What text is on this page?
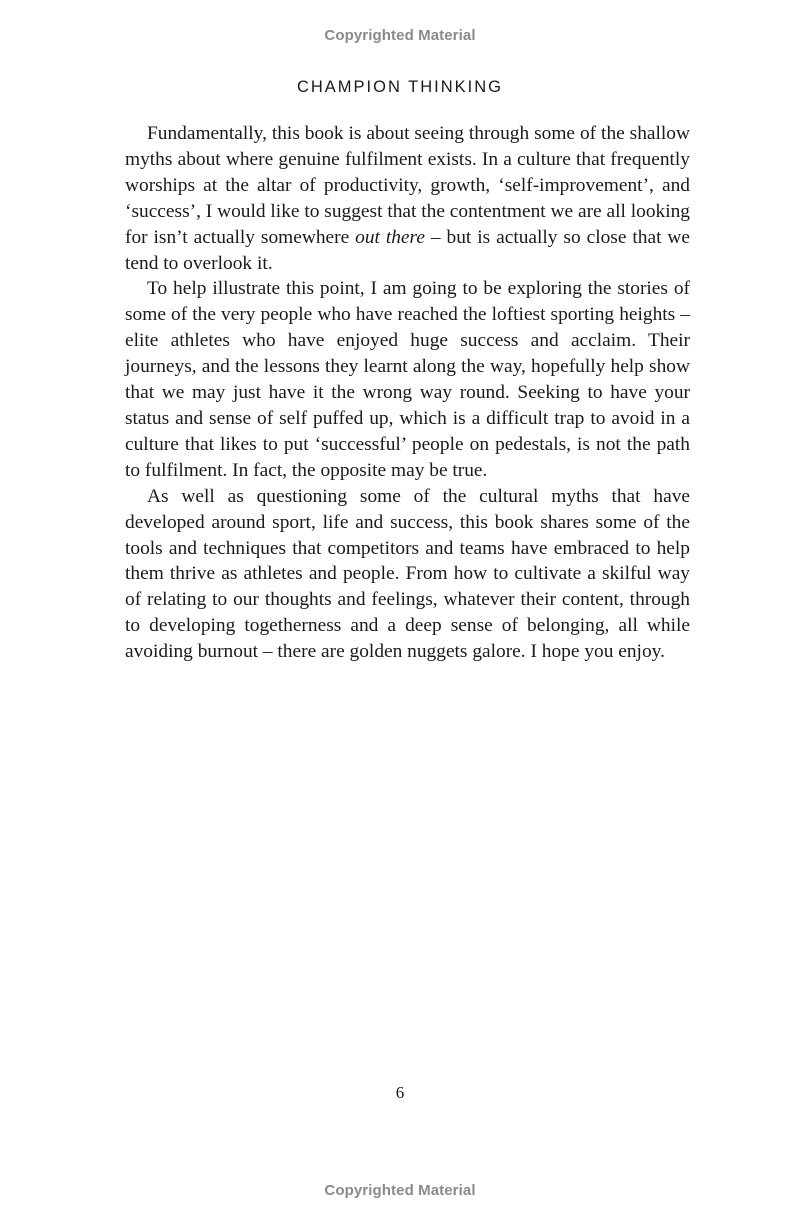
Copyrighted Material
CHAMPION THINKING

Fundamentally, this book is about seeing through some of the shallow myths about where genuine fulfilment exists. In a culture that frequently worships at the altar of productivity, growth, ‘self-improvement’, and ‘success’, I would like to suggest that the contentment we are all looking for isn’t actually somewhere out there – but is actually so close that we tend to overlook it.

To help illustrate this point, I am going to be exploring the stories of some of the very people who have reached the loftiest sporting heights – elite athletes who have enjoyed huge success and acclaim. Their journeys, and the lessons they learnt along the way, hopefully help show that we may just have it the wrong way round. Seeking to have your status and sense of self puffed up, which is a difficult trap to avoid in a culture that likes to put ‘successful’ people on pedestals, is not the path to fulfilment. In fact, the opposite may be true.

As well as questioning some of the cultural myths that have developed around sport, life and success, this book shares some of the tools and techniques that competitors and teams have embraced to help them thrive as athletes and people. From how to cultivate a skilful way of relating to our thoughts and feelings, whatever their content, through to developing togetherness and a deep sense of belonging, all while avoiding burnout – there are golden nuggets galore. I hope you enjoy.

6
Copyrighted Material
